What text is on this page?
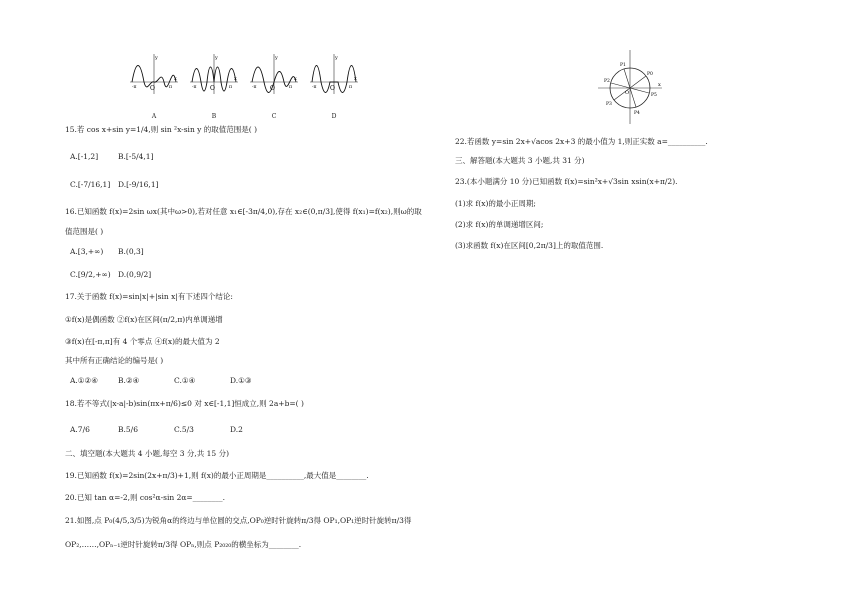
y
O
-π	π
x
A
y
O
-π	π
x
B
y
O
-π	π
x
C
y
O
-π	π
x
D
P0
P1
P2
P3
P4
P5
O
x
15.若 cos x+sin y=1/4,则 sin ²x-sin y 的取值范围是( )
A.[-1,2]	B.[-5/4,1]
C.[-7/16,1] D.[-9/16,1]
16.已知函数 f(x)=2sin ωx(其中ω>0),若对任意 x₁∈[-3π/4,0),存在 x₂∈(0,π/3],使得 f(x₁)=f(x₂),则ω的取
值范围是( )
A.[3,+∞) B.(0,3]
C.[9/2,+∞) D.(0,9/2]
17.关于函数 f(x)=sin|x|+|sin x|有下述四个结论:
①f(x)是偶函数 ②f(x)在区间(π/2,π)内单调递增
③f(x)在[-π,π]有 4 个零点 ④f(x)的最大值为 2
其中所有正确结论的编号是( )
A.①②④	B.②④	C.①④	D.①③
18.若不等式(|x-a|-b)sin(πx+π/6)≤0 对 x∈[-1,1]恒成立,则 2a+b=( )
A.7/6	B.5/6	C.5/3	D.2
二、填空题(本大题共 4 小题,每空 3 分,共 15 分)
19.已知函数 f(x)=2sin(2x+π/3)+1,则 f(x)的最小正周期是__________,最大值是________.
20.已知 tan α=-2,则 cos²α-sin 2α=________.
21.如图,点 P₀(4/5,3/5)为锐角α的终边与单位圆的交点,OP₀逆时针旋转π/3得 OP₁,OP₁逆时针旋转π/3得
OP₂,……,OPₙ₋₁逆时针旋转π/3得 OPₙ,则点 P₂₀₂₀的横坐标为________.
22.若函数 y=sin 2x+√acos 2x+3 的最小值为 1,则正实数 a=__________.
三、解答题(本大题共 3 小题,共 31 分)
23.(本小题满分 10 分)已知函数 f(x)=sin²x+√3sin xsin(x+π/2).
(1)求 f(x)的最小正周期;
(2)求 f(x)的单调递增区间;
(3)求函数 f(x)在区间[0,2π/3]上的取值范围.
